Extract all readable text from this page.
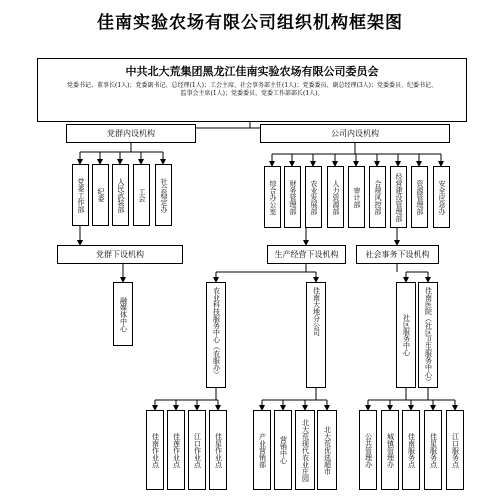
佳南实验农场有限公司组织机构框架图
中共北大荒集团黑龙江佳南实验农场有限公司委员会
党委书记、董事长(1人)；党委副书记、总经理(1人)；工会主席、社会事务部主任(1人)；党委委员、副总经理(3人)；党委委员、纪委书记、
监事会主席(1人)；党委委员、党委工作部部长(1人)。
党群内设机构	公司内设机构
党委工作部	纪委	人民武装部	工会	社会稳定办	综合办公室	财务管理部	农业发展部	人力资源部	审计部	合规风控部	经营建设管理部	资源管理部	安全应急办
党群下设机构	生产经营下设机构	社会事务下设机构
融媒体中心	农业科技服务中心（农服办）	佳南大地分公司	社区服务中心	佳南医院（社区卫生服务中心）
佳南作业点	佳莲作业点	江口作业点	佳星作业点	产业营销部	营销中心	北大荒现代农业庄园	北大荒优选超市	公共管理办	城镇管理办	佳南服务点	佳星服务点	江口服务点
